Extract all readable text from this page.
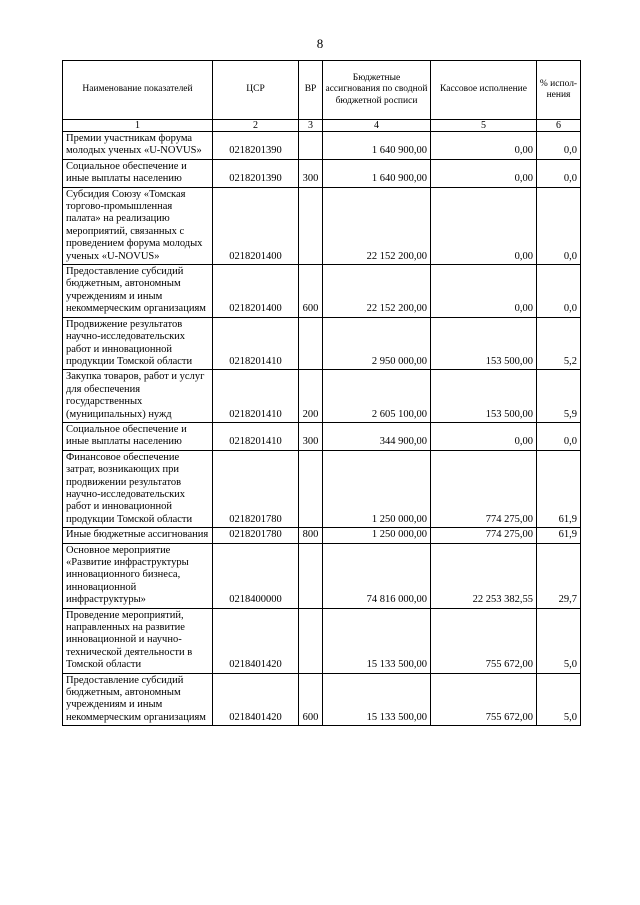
8
Наименование показателей	ЦСР	ВР	Бюджетные ассигнования по сводной бюджетной росписи	Кассовое исполнение	% испол-нения
1	2	3	4	5	6
Премии участникам форума молодых ученых «U-NOVUS»	0218201390		1 640 900,00	0,00	0,0
Социальное обеспечение и иные выплаты населению	0218201390	300	1 640 900,00	0,00	0,0
Субсидия Союзу «Томская торгово-промышленная палата» на реализацию мероприятий, связанных с проведением форума молодых ученых «U-NOVUS»	0218201400		22 152 200,00	0,00	0,0
Предоставление субсидий бюджетным, автономным учреждениям и иным некоммерческим организациям	0218201400	600	22 152 200,00	0,00	0,0
Продвижение результатов научно-исследовательских работ и инновационной продукции Томской области	0218201410		2 950 000,00	153 500,00	5,2
Закупка товаров, работ и услуг для обеспечения государственных (муниципальных) нужд	0218201410	200	2 605 100,00	153 500,00	5,9
Социальное обеспечение и иные выплаты населению	0218201410	300	344 900,00	0,00	0,0
Финансовое обеспечение затрат, возникающих при продвижении результатов научно-исследовательских работ и инновационной продукции Томской области	0218201780		1 250 000,00	774 275,00	61,9
Иные бюджетные ассигнования	0218201780	800	1 250 000,00	774 275,00	61,9
Основное мероприятие «Развитие инфраструктуры инновационного бизнеса, инновационной инфраструктуры»	0218400000		74 816 000,00	22 253 382,55	29,7
Проведение мероприятий, направленных на развитие инновационной и научно-технической деятельности в Томской области	0218401420		15 133 500,00	755 672,00	5,0
Предоставление субсидий бюджетным, автономным учреждениям и иным некоммерческим организациям	0218401420	600	15 133 500,00	755 672,00	5,0
